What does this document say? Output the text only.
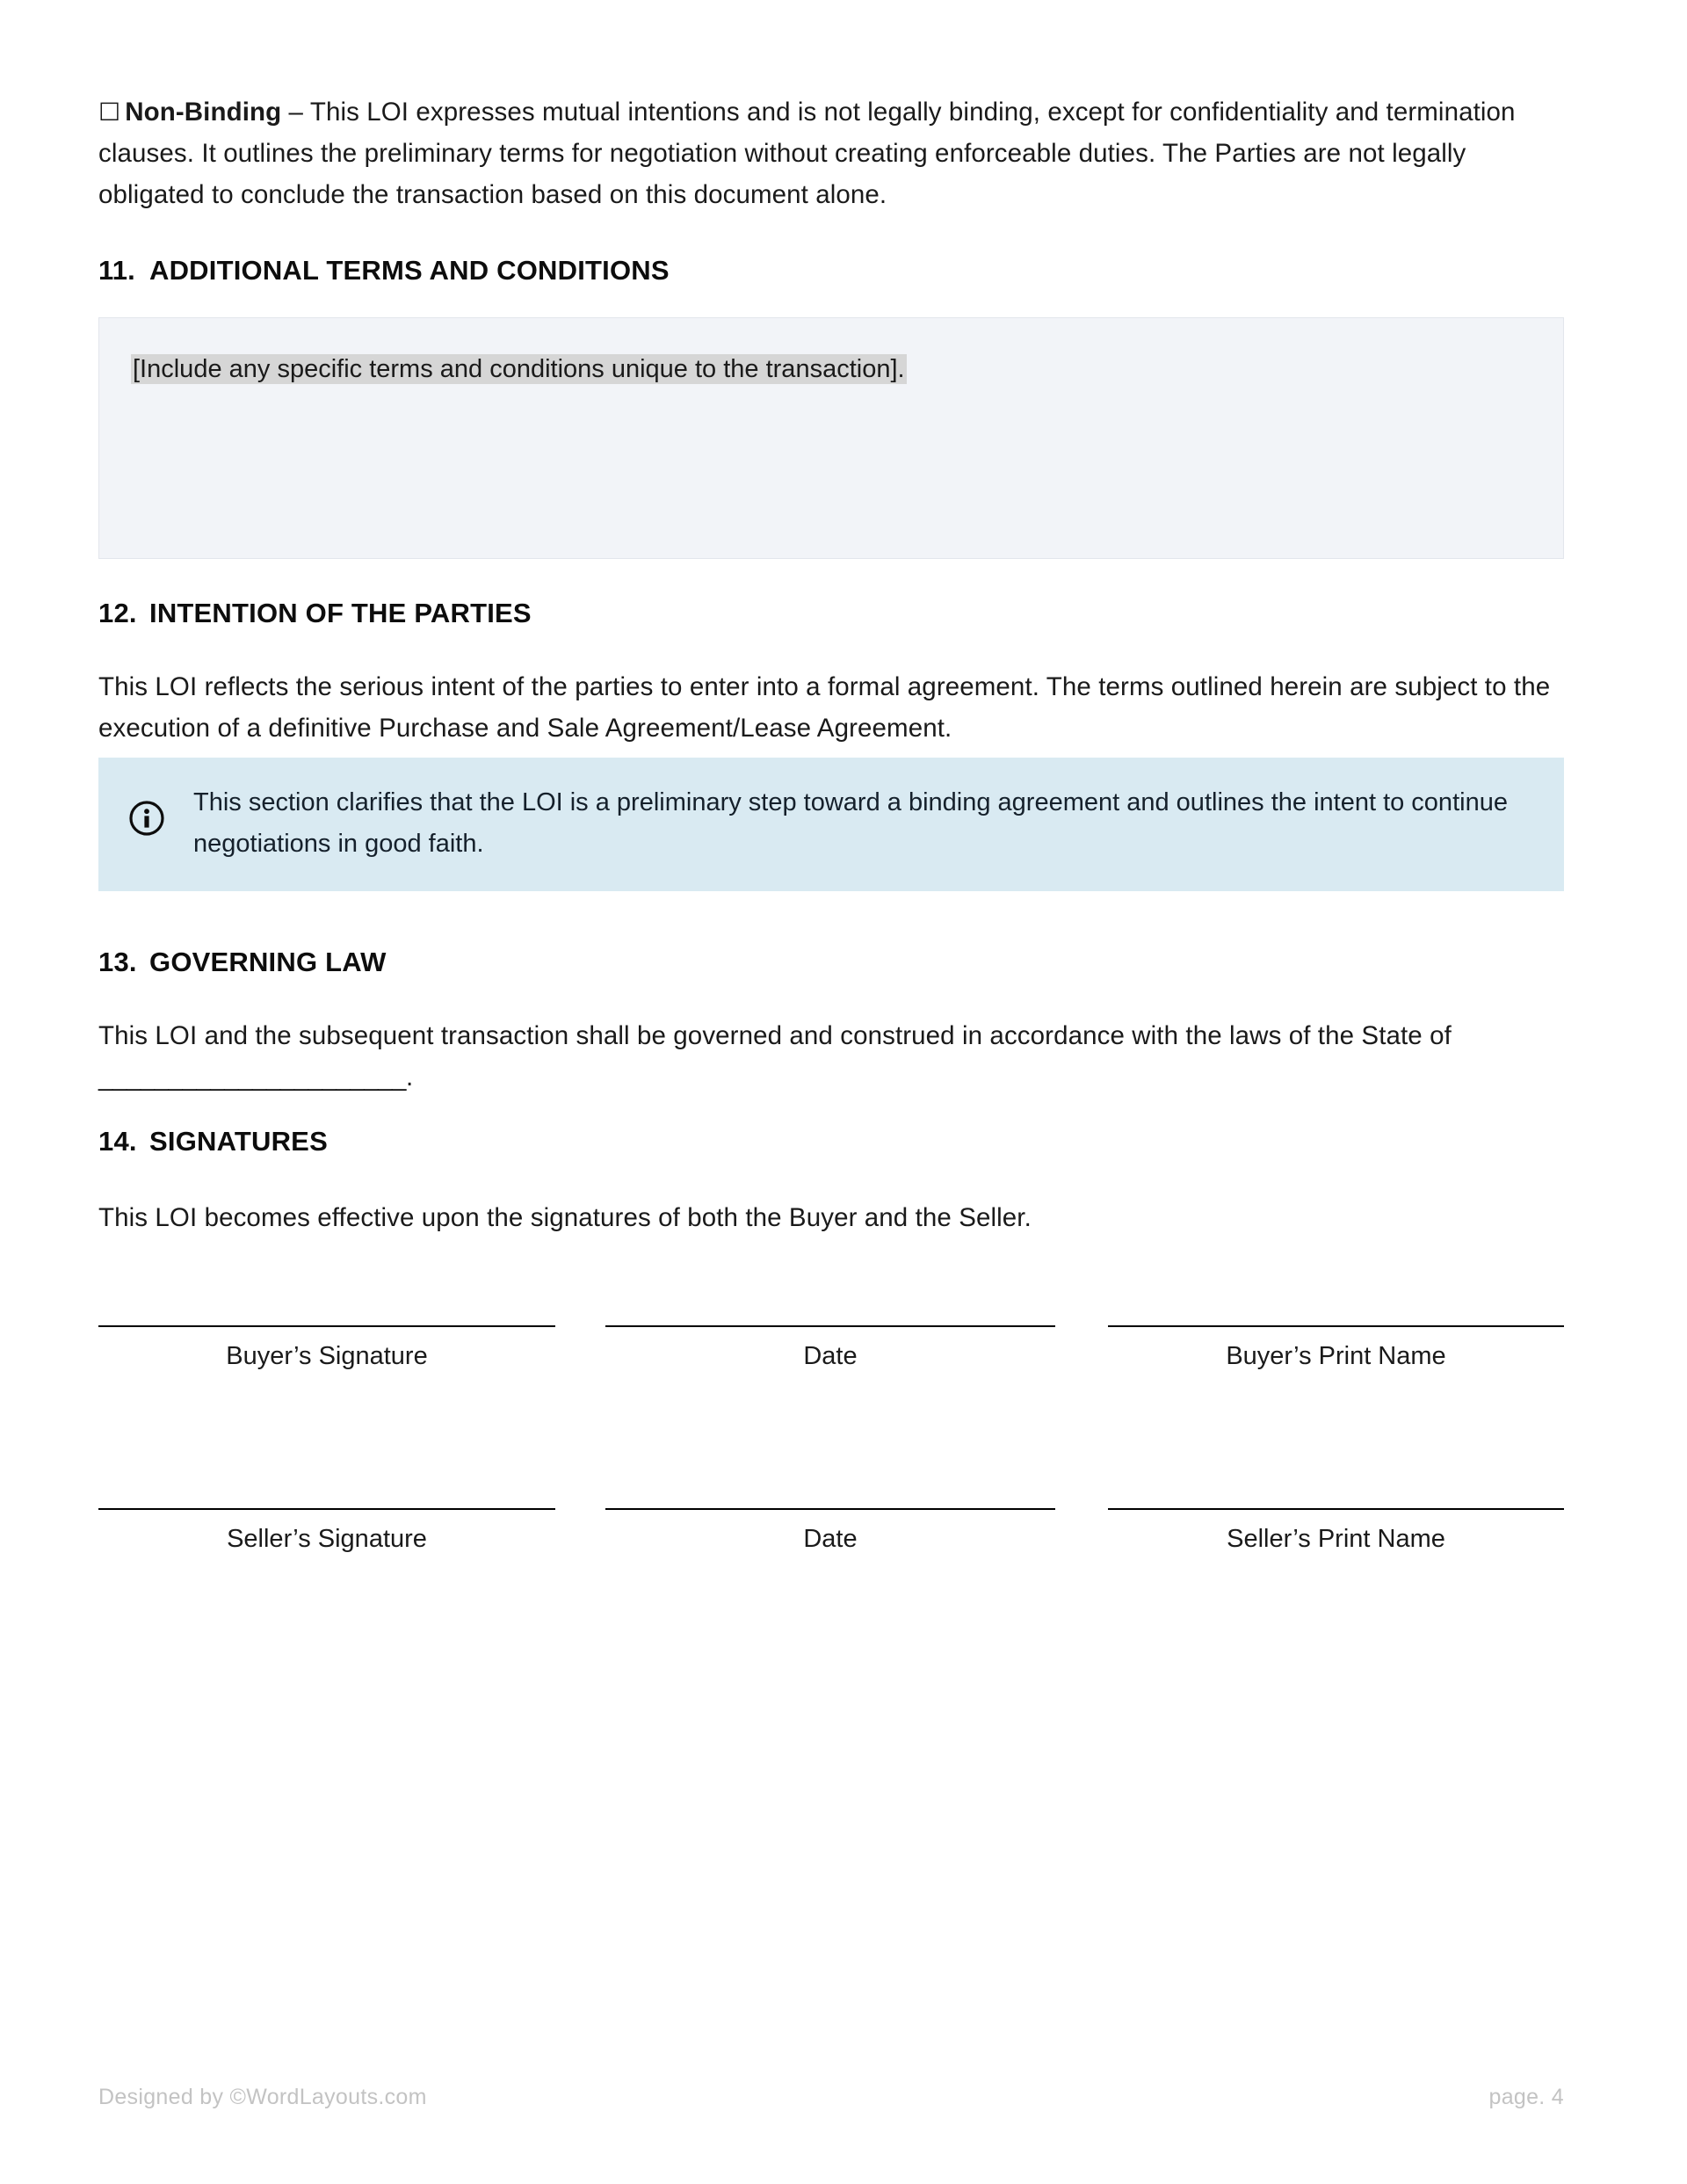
☐ Non-Binding – This LOI expresses mutual intentions and is not legally binding, except for confidentiality and termination clauses. It outlines the preliminary terms for negotiation without creating enforceable duties. The Parties are not legally obligated to conclude the transaction based on this document alone.

11. ADDITIONAL TERMS AND CONDITIONS
[Include any specific terms and conditions unique to the transaction].
12. INTENTION OF THE PARTIES

This LOI reflects the serious intent of the parties to enter into a formal agreement. The terms outlined herein are subject to the execution of a definitive Purchase and Sale Agreement/Lease Agreement.

This section clarifies that the LOI is a preliminary step toward a binding agreement and outlines the intent to continue negotiations in good faith.
13. GOVERNING LAW

This LOI and the subsequent transaction shall be governed and construed in accordance with the laws of the State of ______________________.

14. SIGNATURES

This LOI becomes effective upon the signatures of both the Buyer and the Seller.

Buyer’s Signature	Date	Buyer’s Print Name
Seller’s Signature	Date	Seller’s Print Name
Designed by ©WordLayouts.com	page. 4
